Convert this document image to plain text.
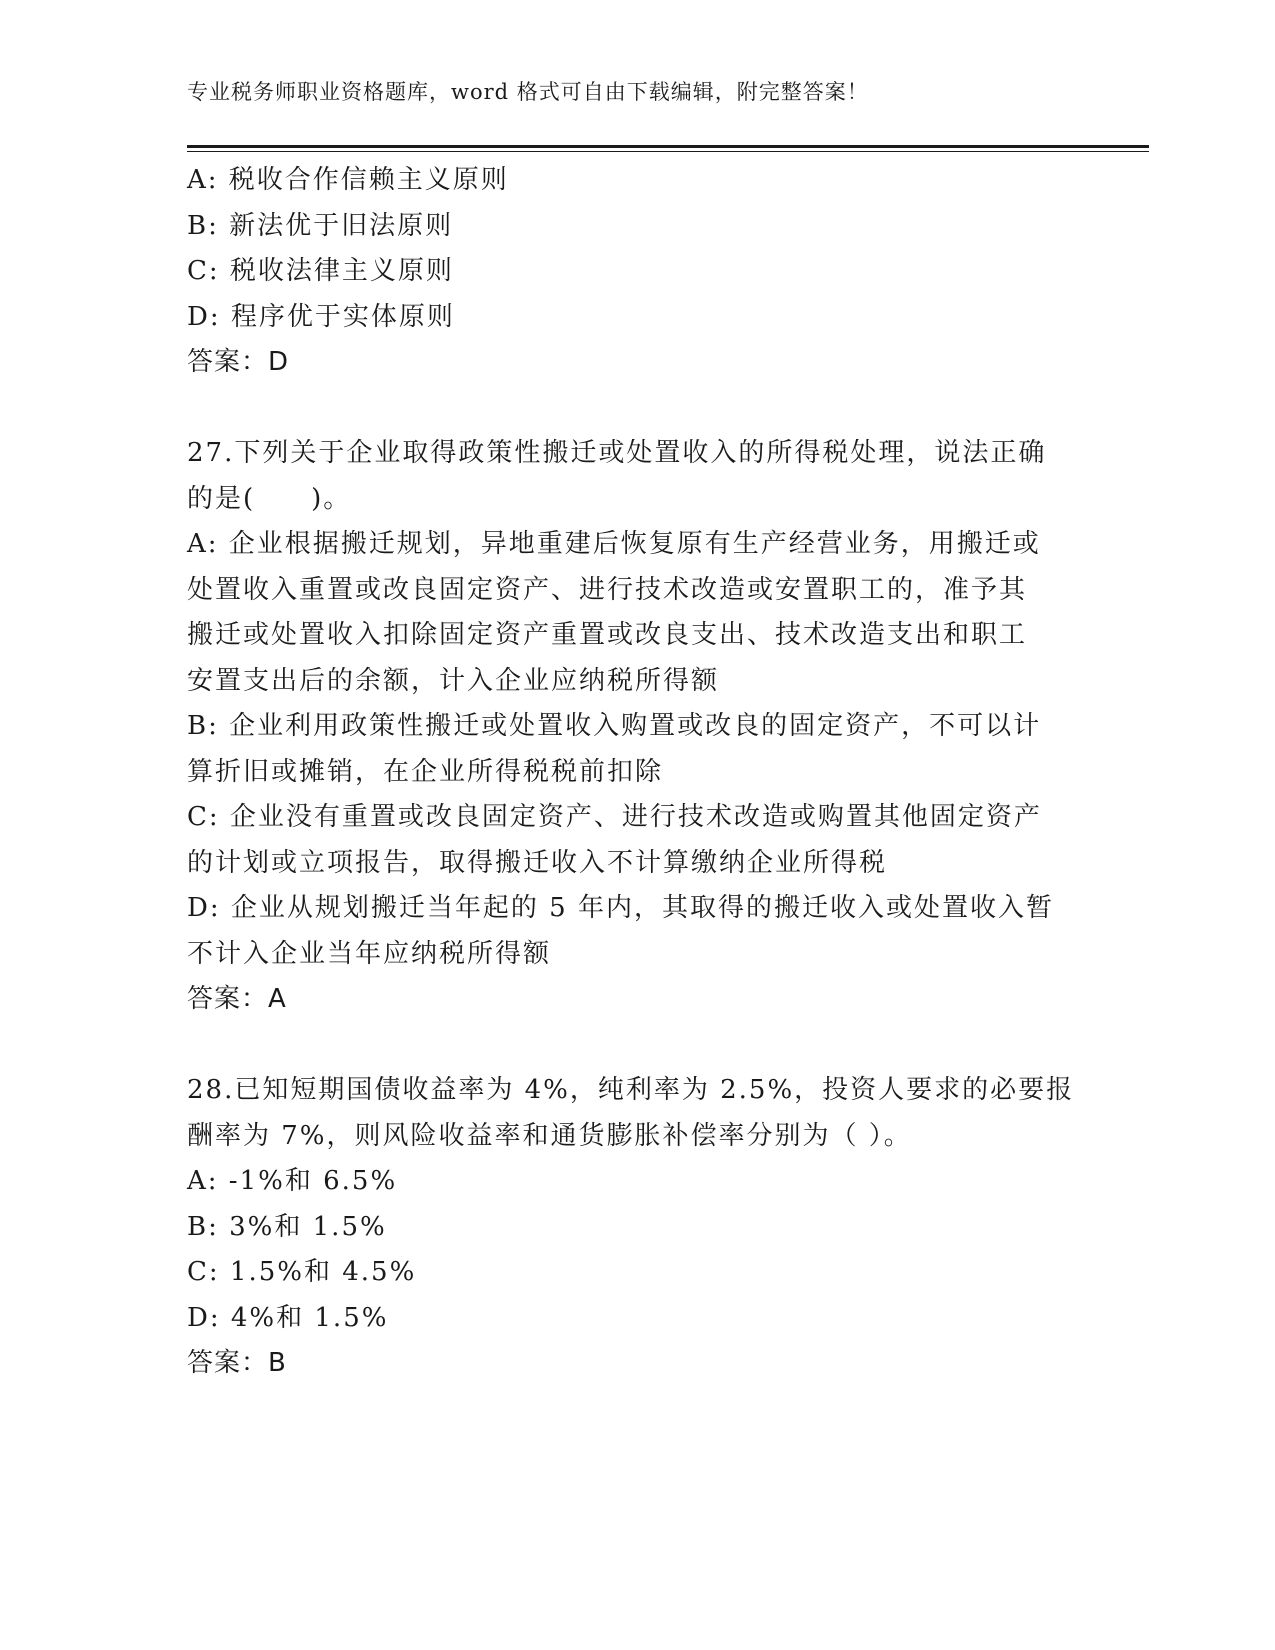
专业税务师职业资格题库，word 格式可自由下载编辑，附完整答案！
A: 税收合作信赖主义原则
B: 新法优于旧法原则
C: 税收法律主义原则
D: 程序优于实体原则
答案：D
27.下列关于企业取得政策性搬迁或处置收入的所得税处理，说法正确
的是(　　)。
A: 企业根据搬迁规划，异地重建后恢复原有生产经营业务，用搬迁或
处置收入重置或改良固定资产、进行技术改造或安置职工的，准予其
搬迁或处置收入扣除固定资产重置或改良支出、技术改造支出和职工
安置支出后的余额，计入企业应纳税所得额
B: 企业利用政策性搬迁或处置收入购置或改良的固定资产，不可以计
算折旧或摊销，在企业所得税税前扣除
C: 企业没有重置或改良固定资产、进行技术改造或购置其他固定资产
的计划或立项报告，取得搬迁收入不计算缴纳企业所得税
D: 企业从规划搬迁当年起的 5 年内，其取得的搬迁收入或处置收入暂
不计入企业当年应纳税所得额
答案：A
28.已知短期国债收益率为 4%，纯利率为 2.5%，投资人要求的必要报
酬率为 7%，则风险收益率和通货膨胀补偿率分别为（ ）。
A: -1%和 6.5%
B: 3%和 1.5%
C: 1.5%和 4.5%
D: 4%和 1.5%
答案：B
